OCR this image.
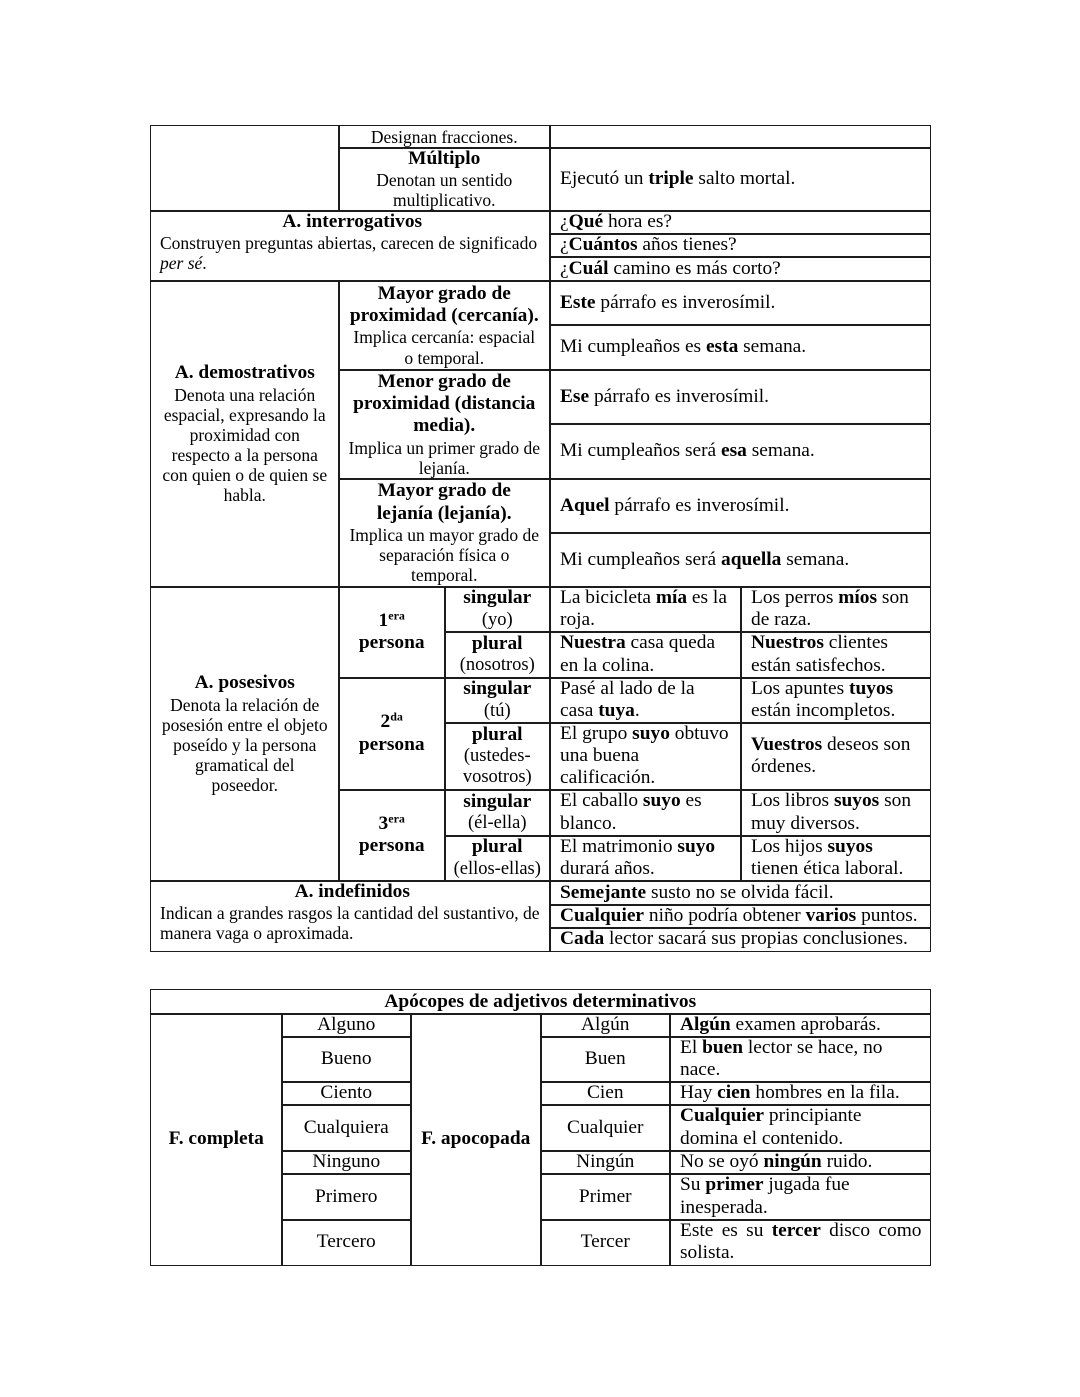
Designan fracciones.
Múltiplo
Denotan un sentido multiplicativo.
Ejecutó un triple salto mortal.
A. interrogativos
Construyen preguntas abiertas, carecen de significado per sé.
¿Qué hora es?
¿Cuántos años tienes?
¿Cuál camino es más corto?
A. demostrativos
Denota una relación espacial, expresando la proximidad con respecto a la persona con quien o de quien se habla.
Mayor grado de proximidad (cercanía).
Implica cercanía: espacial o temporal.
Menor grado de proximidad (distancia media).
Implica un primer grado de lejanía.
Mayor grado de lejanía (lejanía).
Implica un mayor grado de separación física o temporal.
Este párrafo es inverosímil.
Mi cumpleaños es esta semana.
Ese párrafo es inverosímil.
Mi cumpleaños será esa semana.
Aquel párrafo es inverosímil.
Mi cumpleaños será aquella semana.
A. posesivos
Denota la relación de posesión entre el objeto poseído y la persona gramatical del poseedor.
$1^{era}$
persona
$2^{da}$
persona
$3^{era}$
persona
singular
(yo)
plural
(nosotros)
singular
(tú)
plural
(ustedes-vosotros)
singular
(él-ella)
plural
(ellos-ellas)
La bicicleta mía es la roja.
Nuestra casa queda en la colina.
Pasé al lado de la casa tuya.
El grupo suyo obtuvo una buena calificación.
El caballo suyo es blanco.
El matrimonio suyo durará años.
Los perros míos son de raza.
Nuestros clientes están satisfechos.
Los apuntes tuyos están incompletos.
Vuestros deseos son órdenes.
Los libros suyos son muy diversos.
Los hijos suyos tienen ética laboral.
A. indefinidos
Indican a grandes rasgos la cantidad del sustantivo, de manera vaga o aproximada.
Semejante susto no se olvida fácil.
Cualquier niño podría obtener varios puntos.
Cada lector sacará sus propias conclusiones.
Apócopes de adjetivos determinativos
F. completa	F. apocopada
Alguno
Bueno
Ciento
Cualquiera
Ninguno
Primero
Tercero
Algún
Buen
Cien
Cualquier
Ningún
Primer
Tercer
Algún examen aprobarás.
El buen lector se hace, no nace.
Hay cien hombres en la fila.
Cualquier principiante domina el contenido.
No se oyó ningún ruido.
Su primer jugada fue inesperada.
Este es su tercer disco como solista.
